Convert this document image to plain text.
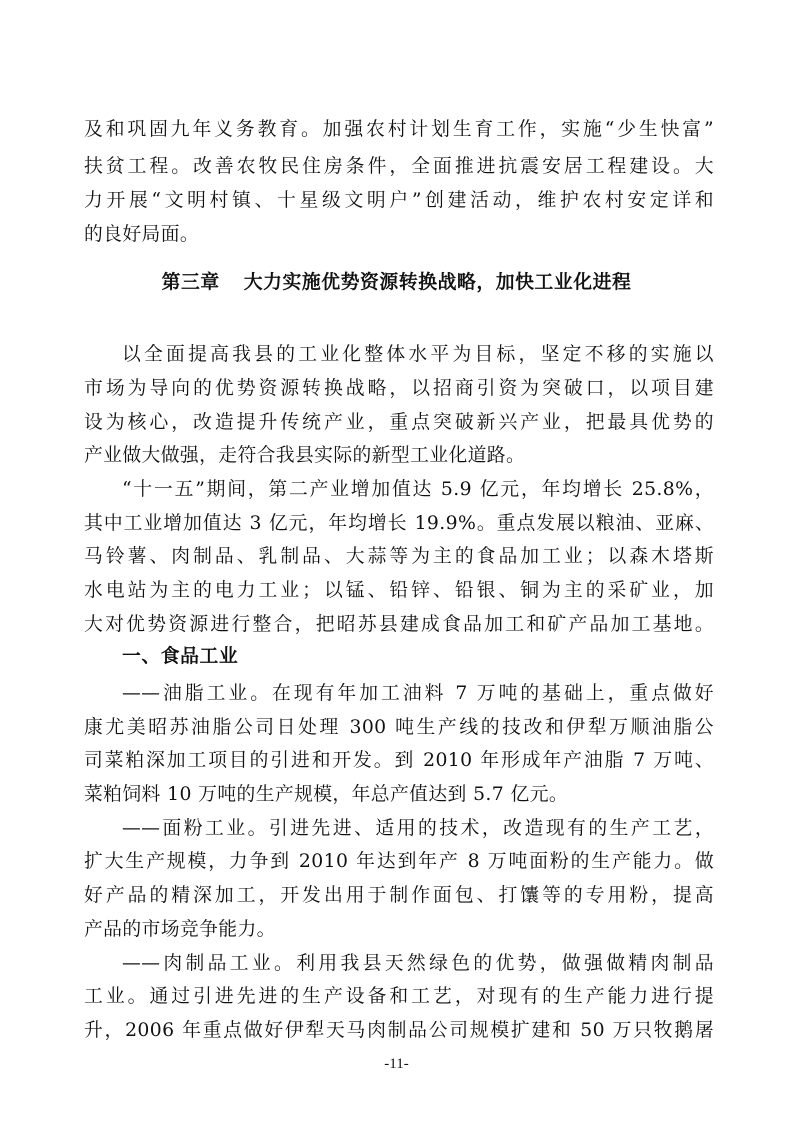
及和巩固九年义务教育。加强农村计划生育工作，实施“少生快富”
扶贫工程。改善农牧民住房条件，全面推进抗震安居工程建设。大
力开展“文明村镇、十星级文明户”创建活动，维护农村安定详和
的良好局面。
第三章 大力实施优势资源转换战略，加快工业化进程
以全面提高我县的工业化整体水平为目标，坚定不移的实施以
市场为导向的优势资源转换战略，以招商引资为突破口，以项目建
设为核心，改造提升传统产业，重点突破新兴产业，把最具优势的
产业做大做强，走符合我县实际的新型工业化道路。
“十一五”期间，第二产业增加值达 5.9 亿元，年均增长 25.8%，
其中工业增加值达 3 亿元，年均增长 19.9%。重点发展以粮油、亚麻、
马铃薯、肉制品、乳制品、大蒜等为主的食品加工业；以森木塔斯
水电站为主的电力工业；以锰、铅锌、铅银、铜为主的采矿业，加
大对优势资源进行整合，把昭苏县建成食品加工和矿产品加工基地。
一、食品工业
——油脂工业。在现有年加工油料 7 万吨的基础上，重点做好
康尤美昭苏油脂公司日处理 300 吨生产线的技改和伊犁万顺油脂公
司菜粕深加工项目的引进和开发。到 2010 年形成年产油脂 7 万吨、
菜粕饲料 10 万吨的生产规模，年总产值达到 5.7 亿元。
——面粉工业。引进先进、适用的技术，改造现有的生产工艺，
扩大生产规模，力争到 2010 年达到年产 8 万吨面粉的生产能力。做
好产品的精深加工，开发出用于制作面包、打馕等的专用粉，提高
产品的市场竞争能力。
——肉制品工业。利用我县天然绿色的优势，做强做精肉制品
工业。通过引进先进的生产设备和工艺，对现有的生产能力进行提
升，2006 年重点做好伊犁天马肉制品公司规模扩建和 50 万只牧鹅屠
-11-
